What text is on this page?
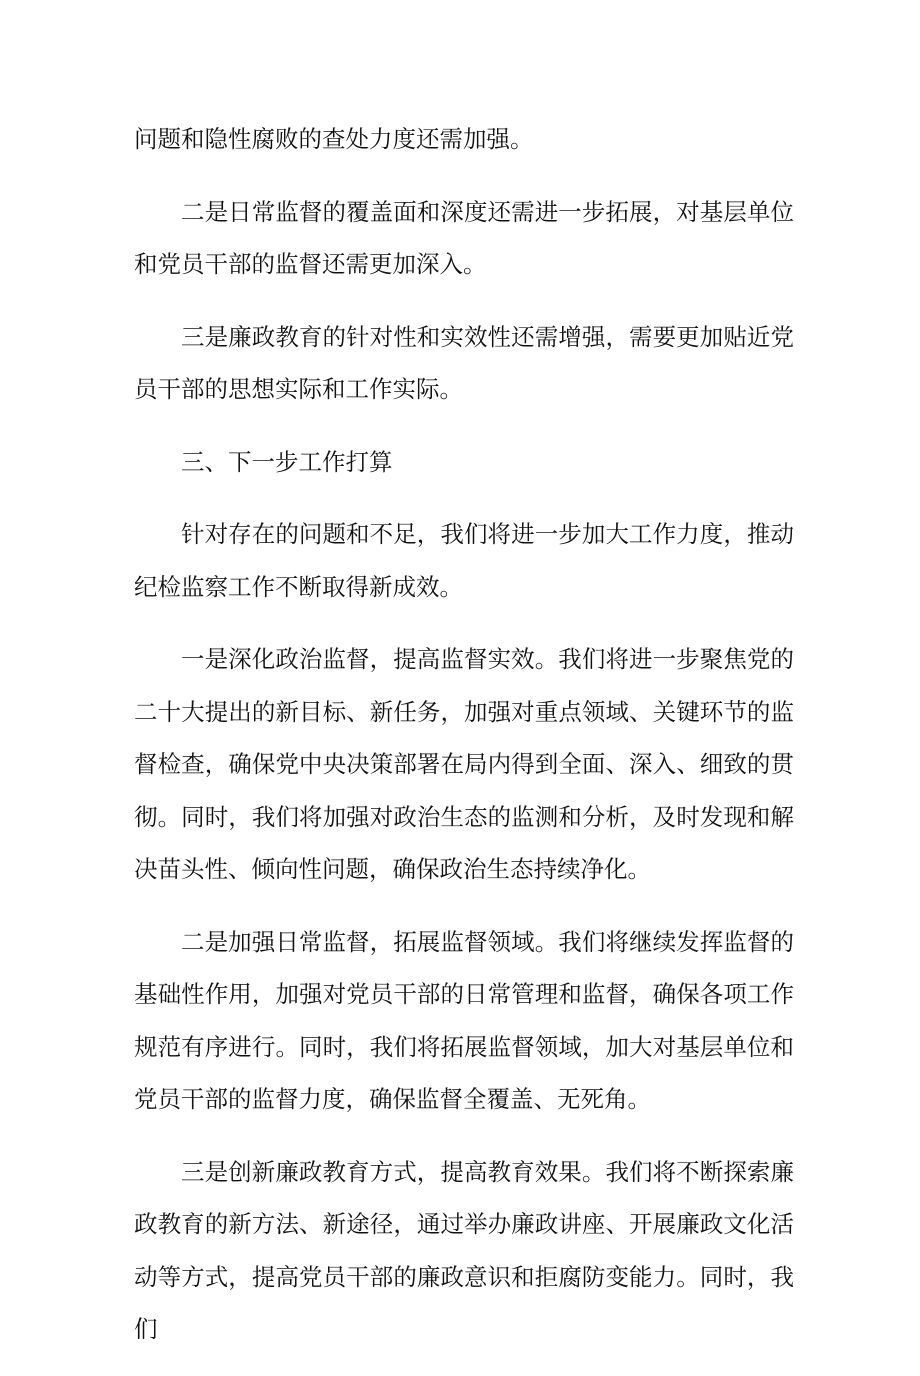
问题和隐性腐败的查处力度还需加强。

二是日常监督的覆盖面和深度还需进一步拓展，对基层单位和党员干部的监督还需更加深入。

三是廉政教育的针对性和实效性还需增强，需要更加贴近党员干部的思想实际和工作实际。

三、下一步工作打算

针对存在的问题和不足，我们将进一步加大工作力度，推动纪检监察工作不断取得新成效。

一是深化政治监督，提高监督实效。我们将进一步聚焦党的二十大提出的新目标、新任务，加强对重点领域、关键环节的监督检查，确保党中央决策部署在局内得到全面、深入、细致的贯彻。同时，我们将加强对政治生态的监测和分析，及时发现和解决苗头性、倾向性问题，确保政治生态持续净化。

二是加强日常监督，拓展监督领域。我们将继续发挥监督的基础性作用，加强对党员干部的日常管理和监督，确保各项工作规范有序进行。同时，我们将拓展监督领域，加大对基层单位和党员干部的监督力度，确保监督全覆盖、无死角。

三是创新廉政教育方式，提高教育效果。我们将不断探索廉政教育的新方法、新途径，通过举办廉政讲座、开展廉政文化活动等方式，提高党员干部的廉政意识和拒腐防变能力。同时，我们
